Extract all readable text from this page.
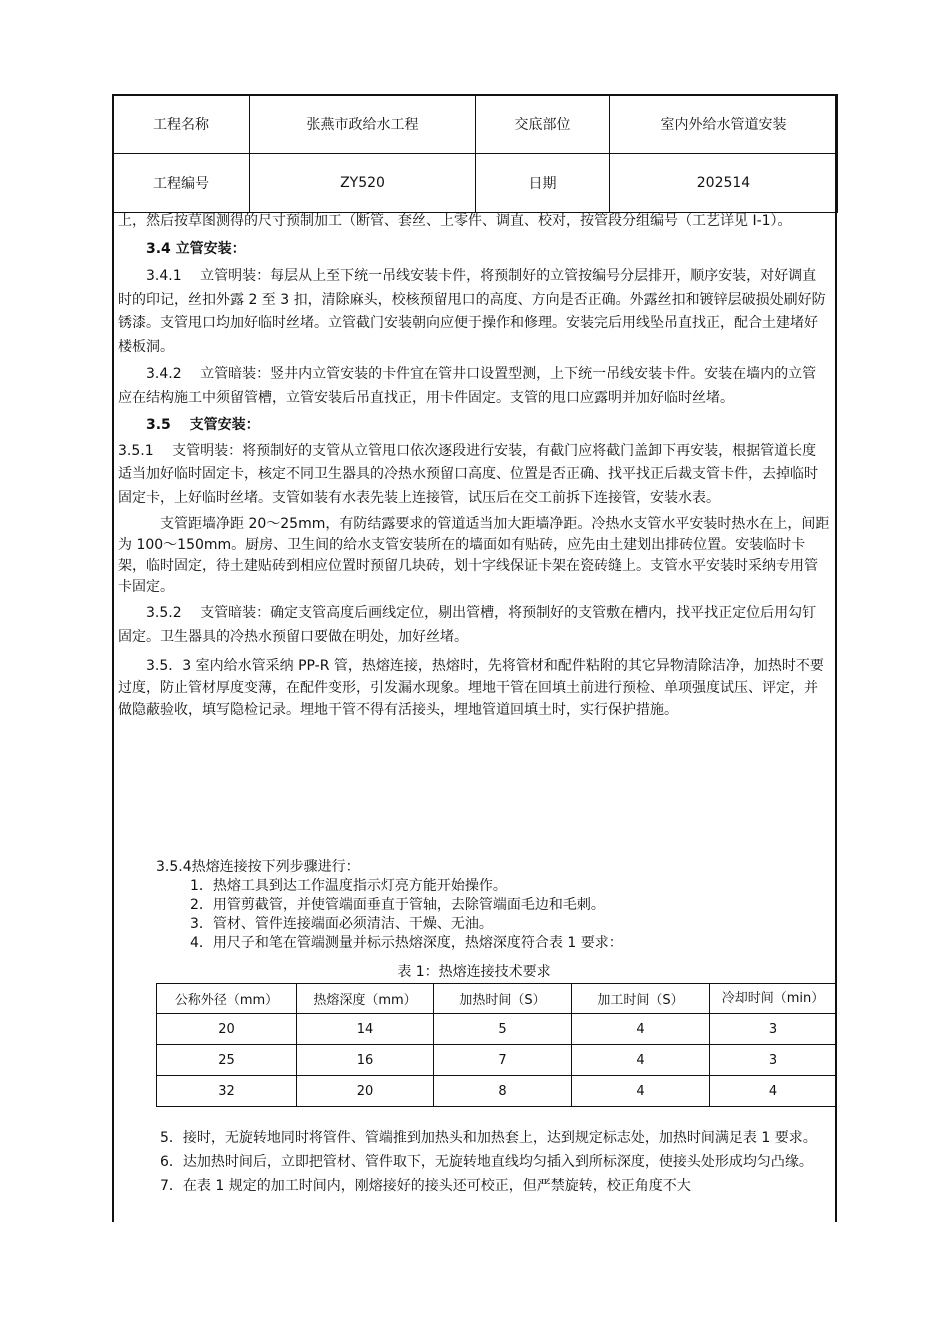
工程名称	张燕市政给水工程	交底部位	室内外给水管道安装
工程编号	ZY520	日期	202514

上，然后按草图测得的尺寸预制加工（断管、套丝、上零件、调直、校对，按管段分组编号（工艺详见 I-1）。

3.4 立管安装：

3.4.1　 立管明装：每层从上至下统一吊线安装卡件，将预制好的立管按编号分层排开，顺序安装，对好调直时的印记，丝扣外露 2 至 3 扣，清除麻头，校核预留甩口的高度、方向是否正确。外露丝扣和镀锌层破损处刷好防锈漆。支管甩口均加好临时丝堵。立管截门安装朝向应便于操作和修理。安装完后用线坠吊直找正，配合土建堵好楼板洞。

3.4.2　 立管暗装：竖井内立管安装的卡件宜在管井口设置型测，上下统一吊线安装卡件。安装在墙内的立管应在结构施工中须留管槽，立管安装后吊直找正，用卡件固定。支管的甩口应露明并加好临时丝堵。

3.5　 支管安装：

3.5.1　 支管明装：将预制好的支管从立管甩口依次逐段进行安装，有截门应将截门盖卸下再安装，根据管道长度适当加好临时固定卡，核定不同卫生器具的冷热水预留口高度、位置是否正确、找平找正后裁支管卡件，去掉临时固定卡，上好临时丝堵。支管如装有水表先装上连接管，试压后在交工前拆下连接管，安装水表。

支管距墙净距 20～25mm，有防结露要求的管道适当加大距墙净距。冷热水支管水平安装时热水在上，间距为 100～150mm。厨房、卫生间的给水支管安装所在的墙面如有贴砖，应先由土建划出排砖位置。安装临时卡架，临时固定，待土建贴砖到相应位置时预留几块砖，划十字线保证卡架在瓷砖缝上。支管水平安装时采纳专用管卡固定。

3.5.2　 支管暗装：确定支管高度后画线定位，剔出管槽，将预制好的支管敷在槽内，找平找正定位后用勾钉固定。卫生器具的冷热水预留口要做在明处，加好丝堵。

3.5．3 室内给水管采纳 PP-R 管，热熔连接，热熔时，先将管材和配件粘附的其它异物清除洁净，加热时不要过度，防止管材厚度变薄，在配件变形，引发漏水现象。埋地干管在回填土前进行预检、单项强度试压、评定，并做隐蔽验收，填写隐检记录。埋地干管不得有活接头，埋地管道回填土时，实行保护措施。

3.5.4热熔连接按下列步骤进行：

1．热熔工具到达工作温度指示灯亮方能开始操作。

2．用管剪截管，并使管端面垂直于管轴，去除管端面毛边和毛刺。

3．管材、管件连接端面必须清洁、干燥、无油。

4．用尺子和笔在管端测量并标示热熔深度，热熔深度符合表 1 要求：

表 1：热熔连接技术要求
公称外径（mm）	热熔深度（mm）	加热时间（S）	加工时间（S）	冷却时间（min）
20	14	5	4	3
25	16	7	4	3
32	20	8	4	4

5．接时，无旋转地同时将管件、管端推到加热头和加热套上，达到规定标志处，加热时间满足表 1 要求。

6．达加热时间后，立即把管材、管件取下，无旋转地直线均匀插入到所标深度，使接头处形成均匀凸缘。

7．在表 1 规定的加工时间内，刚熔接好的接头还可校正，但严禁旋转，校正角度不大
